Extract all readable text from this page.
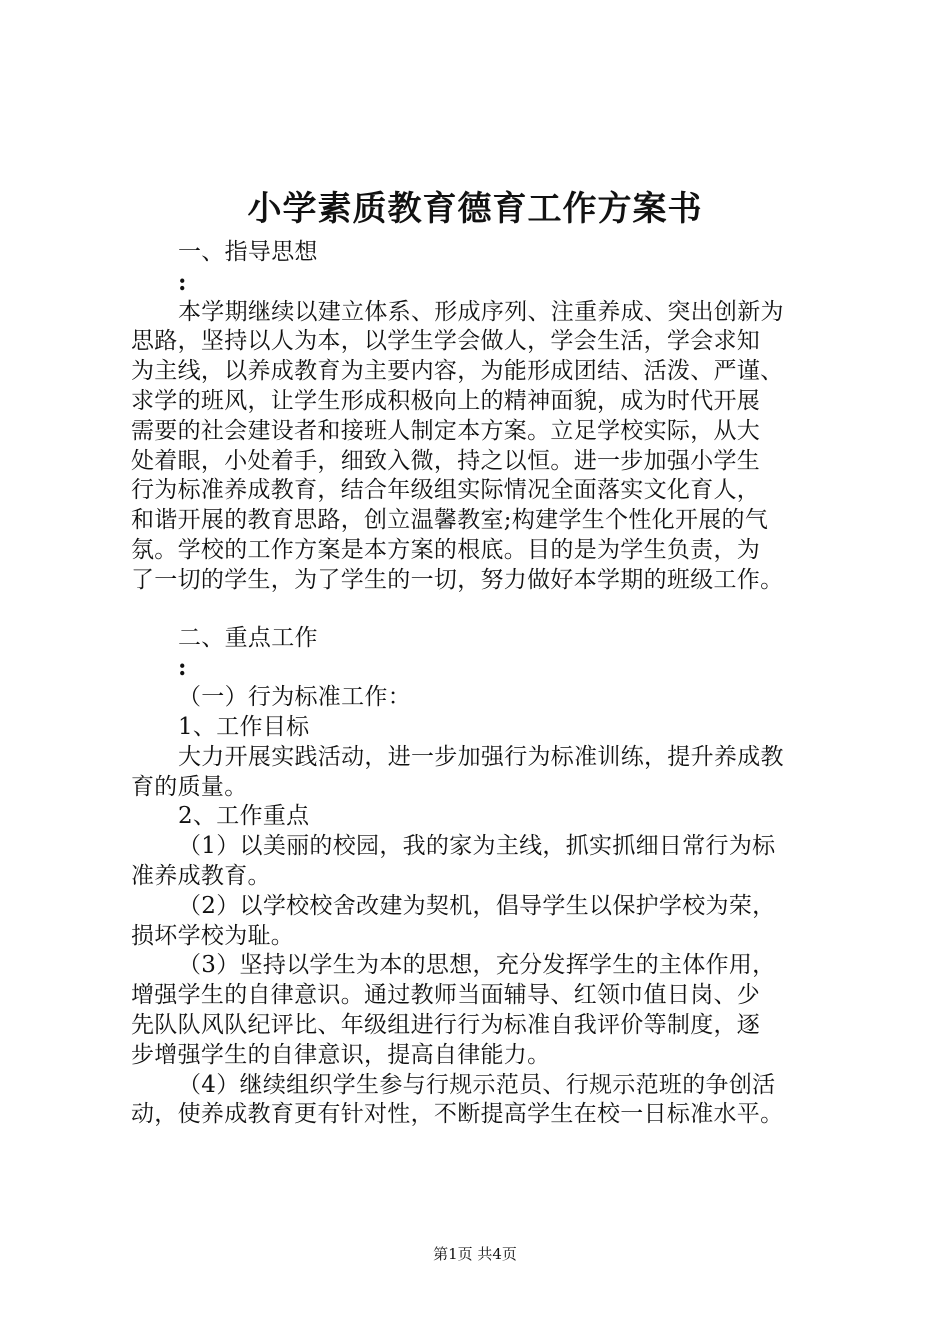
小学素质教育德育工作方案书

一、指导思想

:

本学期继续以建立体系、形成序列、注重养成、突出创新为

思路，坚持以人为本，以学生学会做人，学会生活，学会求知

为主线，以养成教育为主要内容，为能形成团结、活泼、严谨、

求学的班风，让学生形成积极向上的精神面貌，成为时代开展

需要的社会建设者和接班人制定本方案。立足学校实际，从大

处着眼，小处着手，细致入微，持之以恒。进一步加强小学生

行为标准养成教育，结合年级组实际情况全面落实文化育人，

和谐开展的教育思路，创立温馨教室;构建学生个性化开展的气

氛。学校的工作方案是本方案的根底。目的是为学生负责，为

了一切的学生，为了学生的一切，努力做好本学期的班级工作。

二、重点工作

:

（一）行为标准工作：

1、工作目标

大力开展实践活动，进一步加强行为标准训练，提升养成教

育的质量。

2、工作重点

（1）以美丽的校园，我的家为主线，抓实抓细日常行为标

准养成教育。

（2）以学校校舍改建为契机，倡导学生以保护学校为荣，

损坏学校为耻。

（3）坚持以学生为本的思想，充分发挥学生的主体作用，

增强学生的自律意识。通过教师当面辅导、红领巾值日岗、少

先队队风队纪评比、年级组进行行为标准自我评价等制度，逐

步增强学生的自律意识，提高自律能力。

（4）继续组织学生参与行规示范员、行规示范班的争创活

动，使养成教育更有针对性，不断提高学生在校一日标准水平。

第1页 共4页
